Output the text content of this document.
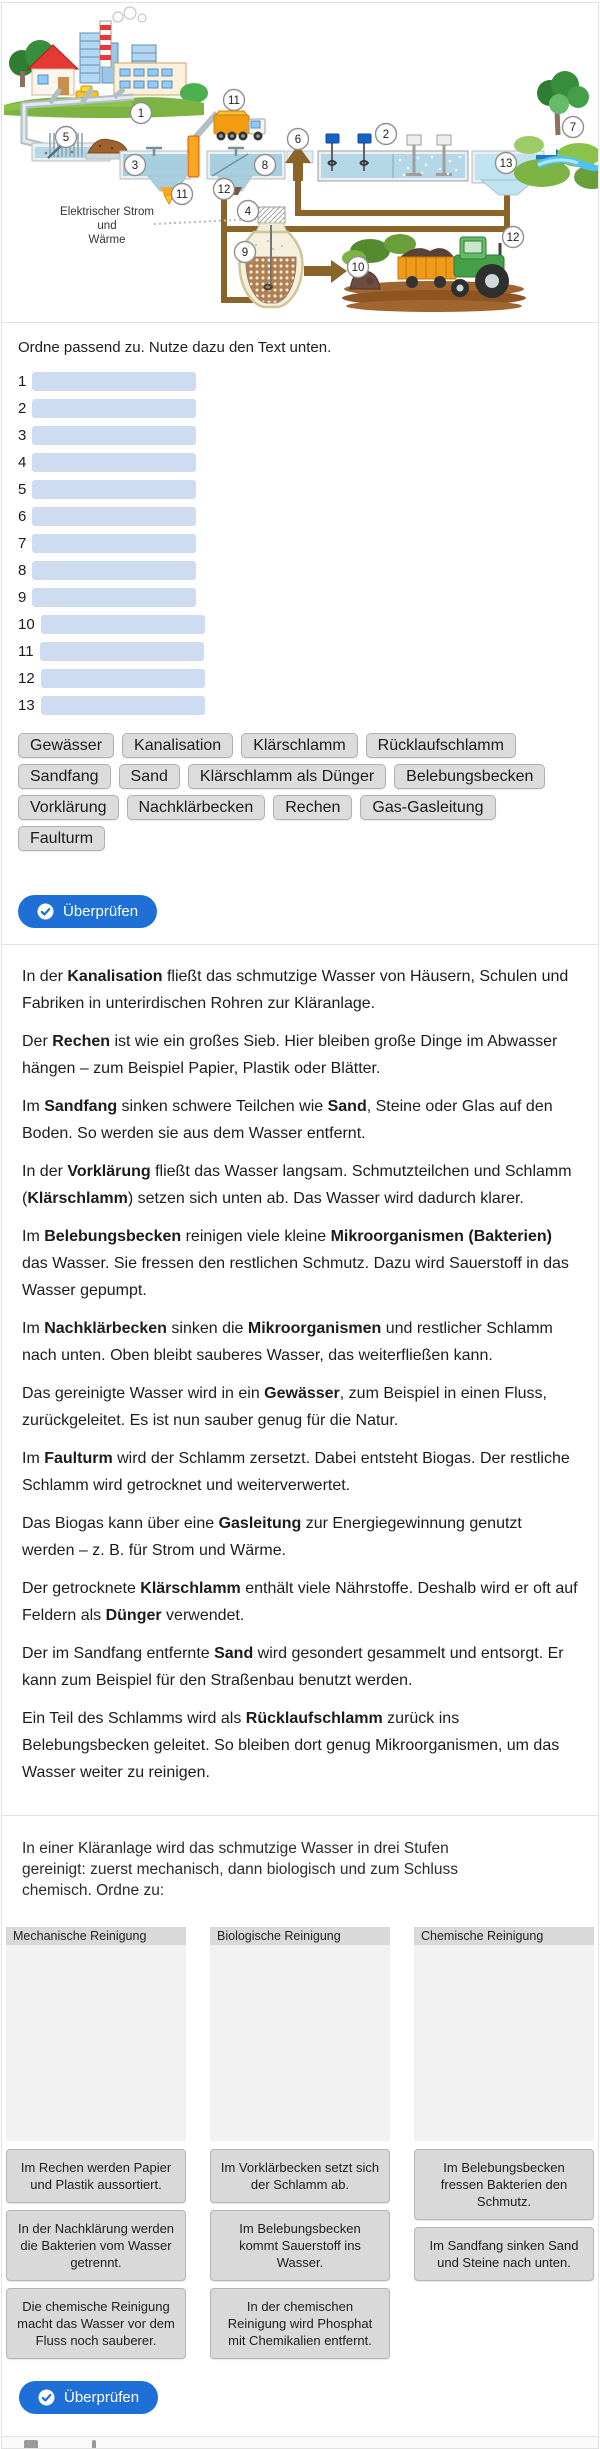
Elektrischer Strom
und
Wärme
1
5
11
3	8
6	2
7
13
11	12
12
4
9
10
Ordne passend zu. Nutze dazu den Text unten.
1
2
3
4
5
6
7
8
9
10
11
12
13
Gewässer	Kanalisation	Klärschlamm	Rücklaufschlamm
Sandfang	Sand	Klärschlamm als Dünger	Belebungsbecken
Vorklärung	Nachklärbecken	Rechen	Gas-Gasleitung
Faulturm
Überprüfen

In der Kanalisation fließt das schmutzige Wasser von Häusern, Schulen und Fabriken in unterirdischen Rohren zur Kläranlage.

Der Rechen ist wie ein großes Sieb. Hier bleiben große Dinge im Abwasser hängen – zum Beispiel Papier, Plastik oder Blätter.

Im Sandfang sinken schwere Teilchen wie Sand, Steine oder Glas auf den Boden. So werden sie aus dem Wasser entfernt.

In der Vorklärung fließt das Wasser langsam. Schmutzteilchen und Schlamm (Klärschlamm) setzen sich unten ab. Das Wasser wird dadurch klarer.

Im Belebungsbecken reinigen viele kleine Mikroorganismen (Bakterien) das Wasser. Sie fressen den restlichen Schmutz. Dazu wird Sauerstoff in das Wasser gepumpt.

Im Nachklärbecken sinken die Mikroorganismen und restlicher Schlamm nach unten. Oben bleibt sauberes Wasser, das weiterfließen kann.

Das gereinigte Wasser wird in ein Gewässer, zum Beispiel in einen Fluss, zurückgeleitet. Es ist nun sauber genug für die Natur.

Im Faulturm wird der Schlamm zersetzt. Dabei entsteht Biogas. Der restliche Schlamm wird getrocknet und weiterverwertet.

Das Biogas kann über eine Gasleitung zur Energiegewinnung genutzt werden – z. B. für Strom und Wärme.

Der getrocknete Klärschlamm enthält viele Nährstoffe. Deshalb wird er oft auf Feldern als Dünger verwendet.

Der im Sandfang entfernte Sand wird gesondert gesammelt und entsorgt. Er kann zum Beispiel für den Straßenbau benutzt werden.

Ein Teil des Schlamms wird als Rücklaufschlamm zurück ins Belebungsbecken geleitet. So bleiben dort genug Mikroorganismen, um das Wasser weiter zu reinigen.

In einer Kläranlage wird das schmutzige Wasser in drei Stufen
gereinigt: zuerst mechanisch, dann biologisch und zum Schluss
chemisch. Ordne zu:
Mechanische Reinigung
Im Rechen werden Papier und Plastik aussortiert.
In der Nachklärung werden die Bakterien vom Wasser getrennt.
Die chemische Reinigung macht das Wasser vor dem Fluss noch sauberer.
Biologische Reinigung
Im Vorklärbecken setzt sich der Schlamm ab.
Im Belebungsbecken kommt Sauerstoff ins Wasser.
In der chemischen Reinigung wird Phosphat mit Chemikalien entfernt.
Chemische Reinigung
Im Belebungsbecken fressen Bakterien den Schmutz.
Im Sandfang sinken Sand und Steine nach unten.
Überprüfen
